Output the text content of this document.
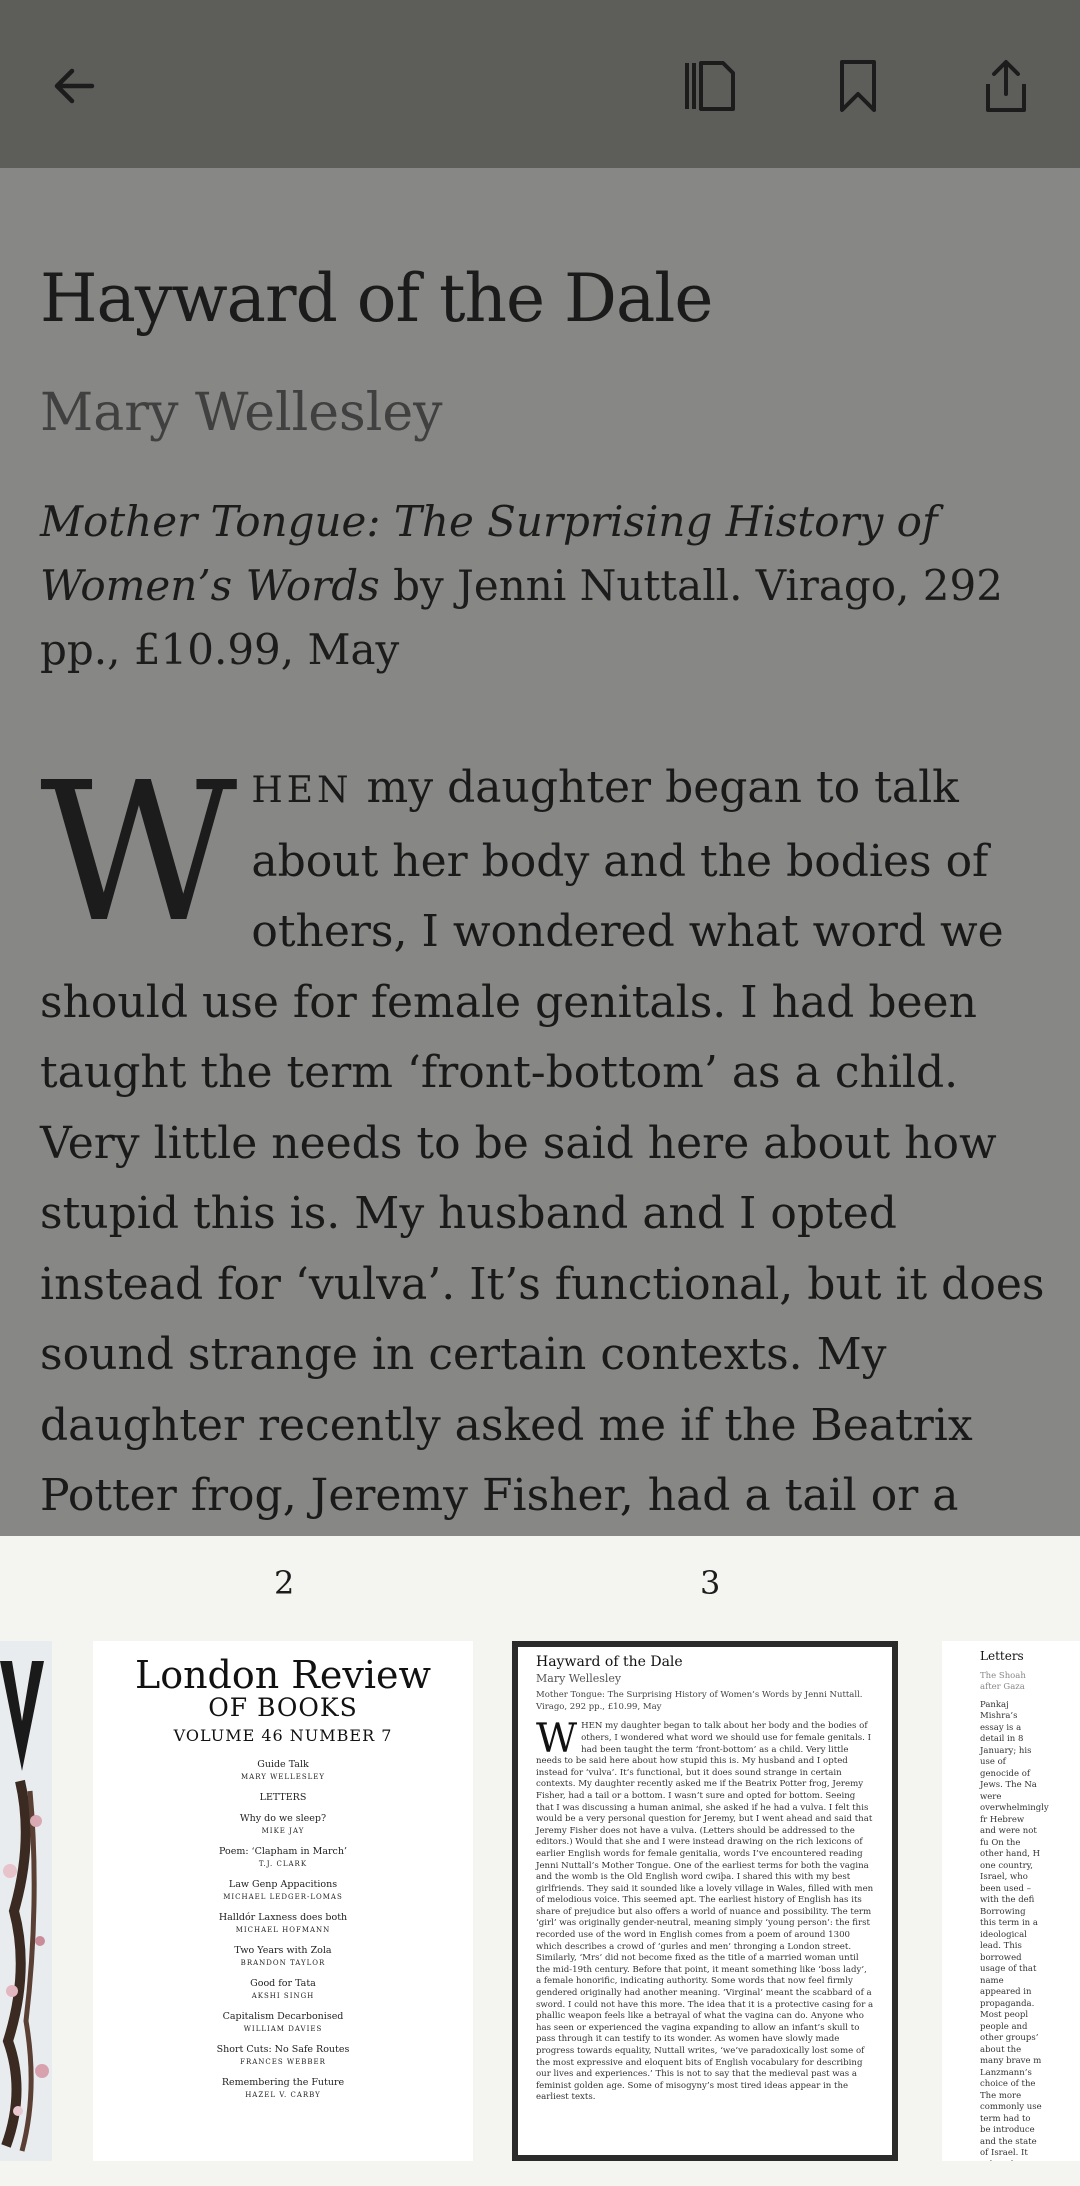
Hayward of the Dale
Mary Wellesley

Mother Tongue: The Surprising History of Women’s Words by Jenni Nuttall. Virago, 292 pp., £10.99, May

WHEN my daughter began to talk about her body and the bodies of others, I wondered what word we should use for female genitals. I had been taught the term ‘front-bottom’ as a child. Very little needs to be said here about how stupid this is. My husband and I opted instead for ‘vulva’. It’s functional, but it does sound strange in certain contexts. My daughter recently asked me if the Beatrix Potter frog, Jeremy Fisher, had a tail or a

2	3
London Review
OF BOOKS
VOLUME 46 NUMBER 7
Guide Talk
MARY WELLESLEY
LETTERS
Why do we sleep?
MIKE JAY
Poem: ‘Clapham in March’
T.J. CLARK
Law Genp Appacitions
MICHAEL LEDGER-LOMAS
Halldór Laxness does both
MICHAEL HOFMANN
Two Years with Zola
BRANDON TAYLOR
Good for Tata
AKSHI SINGH
Capitalism Decarbonised
WILLIAM DAVIES
Short Cuts: No Safe Routes
FRANCES WEBBER
Remembering the Future
HAZEL V. CARBY
Hayward of the Dale
Mary Wellesley
Mother Tongue: The Surprising History of Women’s Words by Jenni Nuttall. Virago, 292 pp., £10.99, May
WHEN my daughter began to talk about her body and the bodies of others, I wondered what word we should use for female genitals. I had been taught the term ‘front-bottom’ as a child. Very little needs to be said here about how stupid this is. My husband and I opted instead for ‘vulva’. It’s functional, but it does sound strange in certain contexts. My daughter recently asked me if the Beatrix Potter frog, Jeremy Fisher, had a tail or a bottom. I wasn’t sure and opted for bottom. Seeing that I was discussing a human animal, she asked if he had a vulva. I felt this would be a very personal question for Jeremy, but I went ahead and said that Jeremy Fisher does not have a vulva. (Letters should be addressed to the editors.) Would that she and I were instead drawing on the rich lexicons of earlier English words for female genitalia, words I’ve encountered reading Jenni Nuttall’s Mother Tongue. One of the earliest terms for both the vagina and the womb is the Old English word cwiþa. I shared this with my best girlfriends. They said it sounded like a lovely village in Wales, filled with men of melodious voice. This seemed apt. The earliest history of English has its share of prejudice but also offers a world of nuance and possibility. The term ‘girl’ was originally gender-neutral, meaning simply ‘young person’: the first recorded use of the word in English comes from a poem of around 1300 which describes a crowd of ‘gurles and men’ thronging a London street. Similarly, ‘Mrs’ did not become fixed as the title of a married woman until the mid-19th century. Before that point, it meant something like ‘boss lady’, a female honorific, indicating authority. Some words that now feel firmly gendered originally had another meaning. ‘Virginal’ meant the scabbard of a sword. I could not have this more. The idea that it is a protective casing for a phallic weapon feels like a betrayal of what the vagina can do. Anyone who has seen or experienced the vagina expanding to allow an infant’s skull to pass through it can testify to its wonder. As women have slowly made progress towards equality, Nuttall writes, ‘we’ve paradoxically lost some of the most expressive and eloquent bits of English vocabulary for describing our lives and experiences.’ This is not to say that the medieval past was a feminist golden age. Some of misogyny’s most tired ideas appear in the earliest texts.
Letters
The Shoah after Gaza
Pankaj Mishra’s essay is a detail in 8 January; his use of genocide of Jews. The Na were overwhelmingly fr Hebrew and were not fu On the other hand, H one country, Israel, who been used – with the defi Borrowing this term in a ideological lead. This borrowed usage of that name appeared in propaganda. Most peopl people and other groups’ about the many brave m Lanzmann’s choice of the The more commonly use term had to be introduce and the state of Israel. It
